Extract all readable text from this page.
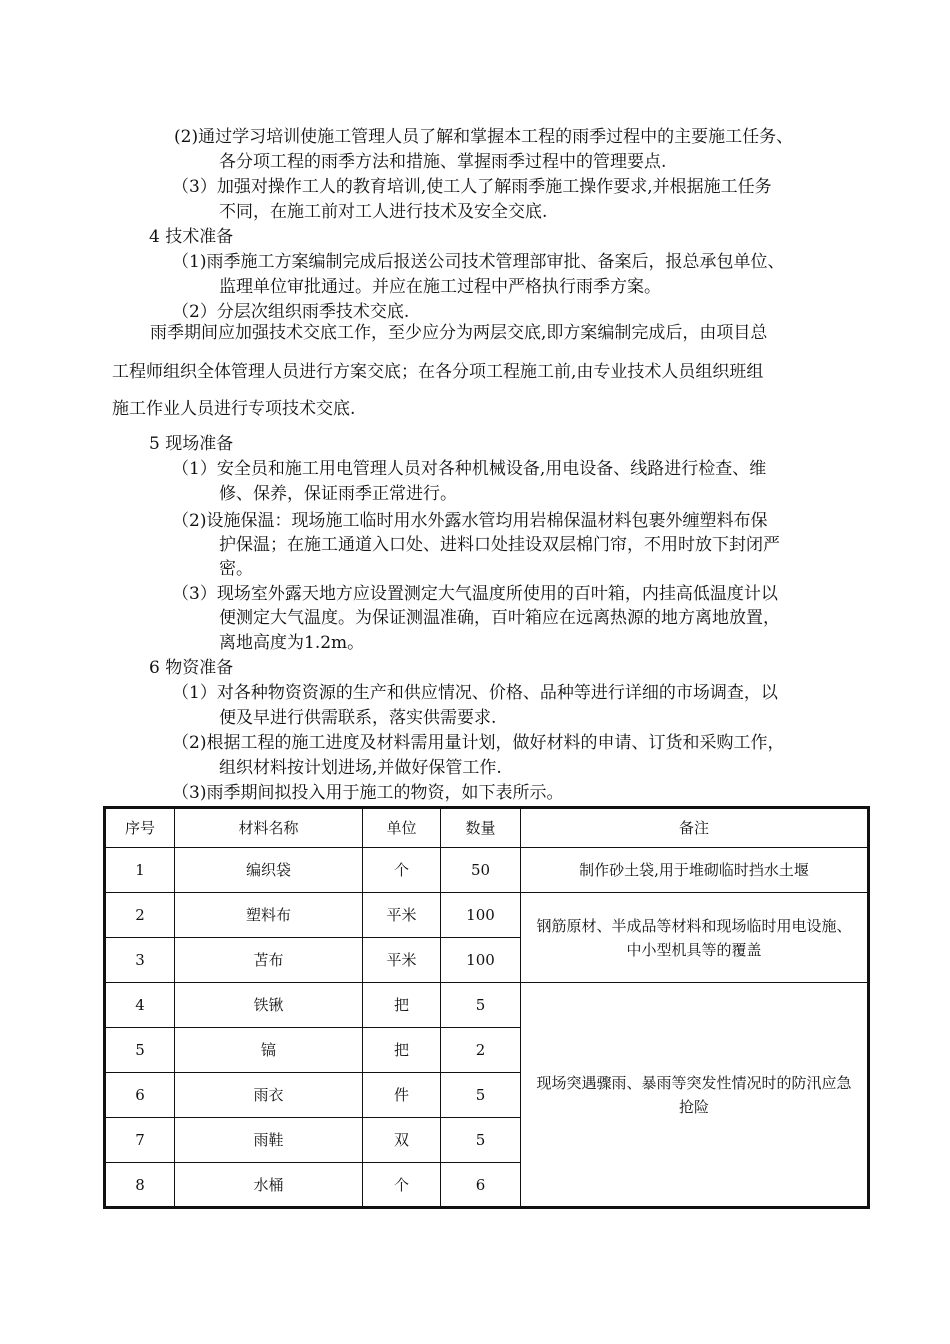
(2)通过学习培训使施工管理人员了解和掌握本工程的雨季过程中的主要施工任务、
各分项工程的雨季方法和措施、掌握雨季过程中的管理要点.
（3）加强对操作工人的教育培训,使工人了解雨季施工操作要求,并根据施工任务
不同，在施工前对工人进行技术及安全交底.
4 技术准备
（1)雨季施工方案编制完成后报送公司技术管理部审批、备案后，报总承包单位、
监理单位审批通过。并应在施工过程中严格执行雨季方案。
（2）分层次组织雨季技术交底.
雨季期间应加强技术交底工作，至少应分为两层交底,即方案编制完成后，由项目总
工程师组织全体管理人员进行方案交底；在各分项工程施工前,由专业技术人员组织班组
施工作业人员进行专项技术交底.
5 现场准备
（1）安全员和施工用电管理人员对各种机械设备,用电设备、线路进行检查、维
修、保养，保证雨季正常进行。
（2)设施保温：现场施工临时用水外露水管均用岩棉保温材料包裹外缠塑料布保
护保温；在施工通道入口处、进料口处挂设双层棉门帘，不用时放下封闭严
密。
（3）现场室外露天地方应设置测定大气温度所使用的百叶箱，内挂高低温度计以
便测定大气温度。为保证测温准确，百叶箱应在远离热源的地方离地放置，
离地高度为1.2m。
6 物资准备
（1）对各种物资资源的生产和供应情况、价格、品种等进行详细的市场调查，以
便及早进行供需联系，落实供需要求.
（2)根据工程的施工进度及材料需用量计划，做好材料的申请、订货和采购工作，
组织材料按计划进场,并做好保管工作.
（3)雨季期间拟投入用于施工的物资，如下表所示。
序号	材料名称	单位	数量	备注
1	编织袋	个	50	制作砂土袋,用于堆砌临时挡水土堰
2	塑料布	平米	100	钢筋原材、半成品等材料和现场临时用电设施、中小型机具等的覆盖
3	苫布	平米	100	
4	铁锹	把	5	现场突遇骤雨、暴雨等突发性情况时的防汛应急抢险
5	镐	把	2	
6	雨衣	件	5	
7	雨鞋	双	5	
8	水桶	个	6	
